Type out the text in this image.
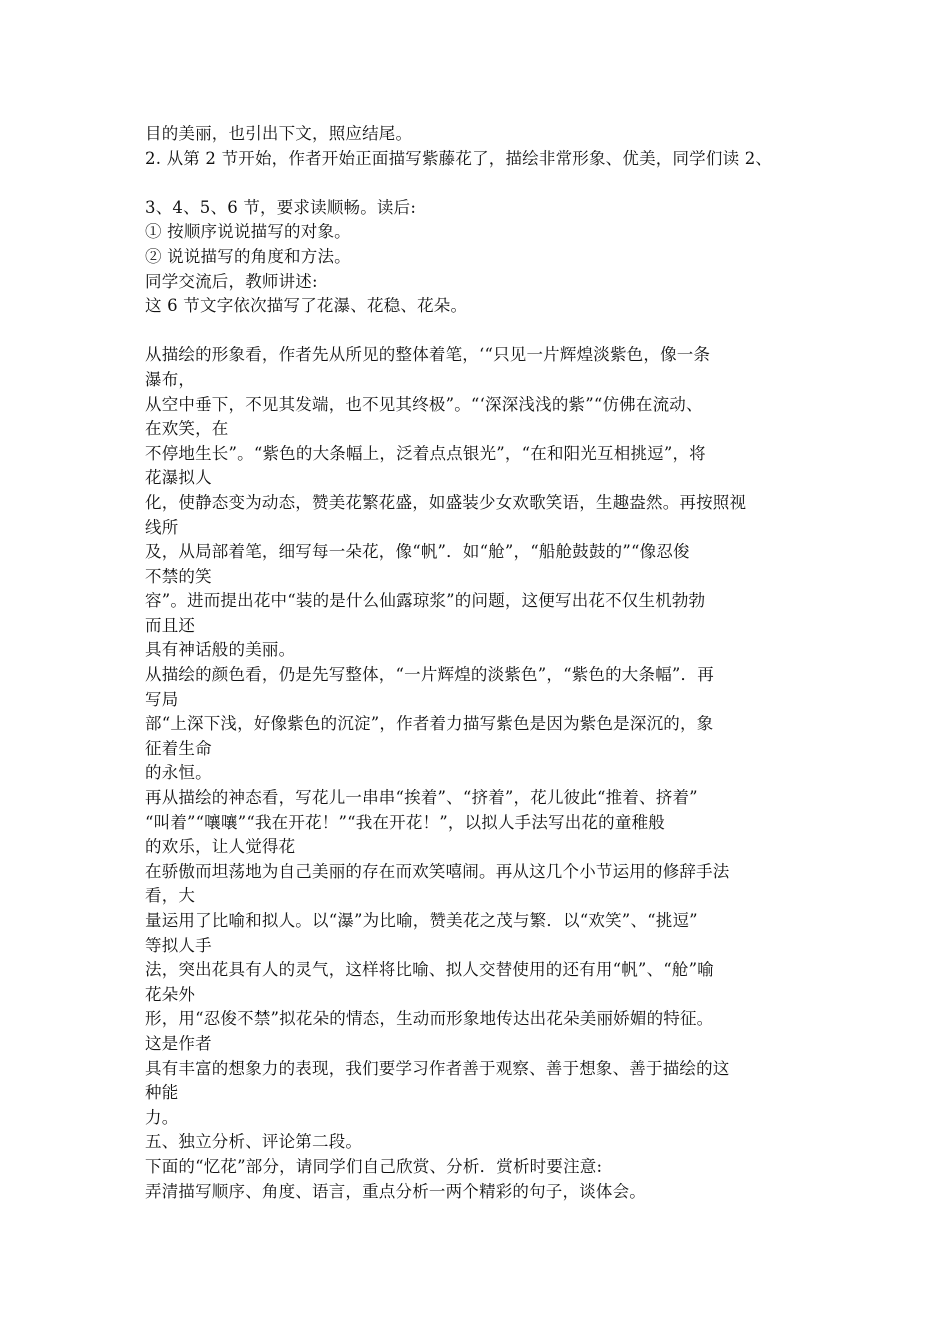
目的美丽，也引出下文，照应结尾。
2. 从第 2 节开始，作者开始正面描写紫藤花了，描绘非常形象、优美，同学们读 2、
3、4、5、6 节，要求读顺畅。读后:
① 按顺序说说描写的对象。
② 说说描写的角度和方法。
同学交流后，教师讲述:
这 6 节文字依次描写了花瀑、花稳、花朵。
从描绘的形象看，作者先从所见的整体着笔，‘“只见一片辉煌淡紫色，像一条
瀑布，
从空中垂下，不见其发端，也不见其终极”。“‘深深浅浅的紫”“仿佛在流动、
在欢笑，在
不停地生长”。“紫色的大条幅上，泛着点点银光”，“在和阳光互相挑逗”，将
花瀑拟人
化，使静态变为动态，赞美花繁花盛，如盛装少女欢歌笑语，生趣盎然。再按照视
线所
及，从局部着笔，细写每一朵花，像“帆”．如“舱”，“船舱鼓鼓的”“像忍俊
不禁的笑
容”。进而提出花中“装的是什么仙露琼浆”的问题，这便写出花不仅生机勃勃
而且还
具有神话般的美丽。
从描绘的颜色看，仍是先写整体，“一片辉煌的淡紫色”，“紫色的大条幅”．再
写局
部“上深下浅，好像紫色的沉淀”，作者着力描写紫色是因为紫色是深沉的，象
征着生命
的永恒。
再从描绘的神态看，写花儿一串串“挨着”、“挤着”，花儿彼此“推着、挤着”
“叫着”“嚷嚷”“我在开花！”“我在开花！”，以拟人手法写出花的童稚般
的欢乐，让人觉得花
在骄傲而坦荡地为自己美丽的存在而欢笑嘻闹。再从这几个小节运用的修辞手法
看，大
量运用了比喻和拟人。以“瀑”为比喻，赞美花之茂与繁．以“欢笑”、“挑逗”
等拟人手
法，突出花具有人的灵气，这样将比喻、拟人交替使用的还有用“帆”、“舱”喻
花朵外
形，用“忍俊不禁”拟花朵的情态，生动而形象地传达出花朵美丽娇媚的特征。
这是作者
具有丰富的想象力的表现，我们要学习作者善于观察、善于想象、善于描绘的这
种能
力。
五、独立分析、评论第二段。
下面的“忆花”部分，请同学们自己欣赏、分析．赏析时要注意:
弄清描写顺序、角度、语言，重点分析一两个精彩的句子，谈体会。
